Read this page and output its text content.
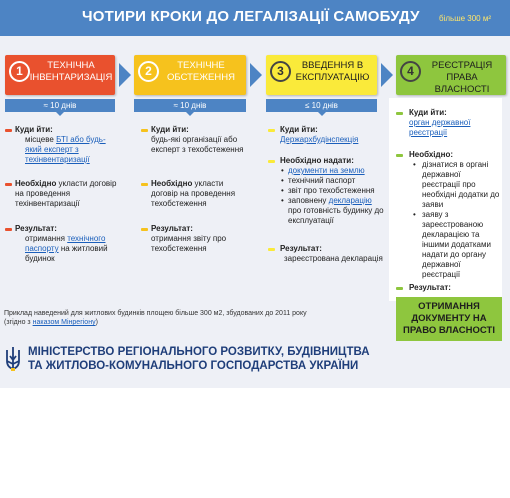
ЧОТИРИ КРОКИ ДО ЛЕГАЛІЗАЦІЇ САМОБУДУ більше 300 м²
1	ТЕХНІЧНА
ІНВЕНТАРИЗАЦІЯ	2	ТЕХНІЧНЕ
ОБСТЕЖЕННЯ	3	ВВЕДЕННЯ В
ЕКСПЛУАТАЦІЮ	4	РЕЄСТРАЦІЯ
ПРАВА ВЛАСНОСТІ
≈ 10 днів	≈ 10 днів	≤ 10 днів
Куди йти:
місцеве БТІ або будь-який експерт з техінвентаризації
Необхідно укласти договір на проведення техінвентаризації
Результат:
отримання технічного паспорту на житловий будинок
Куди йти:
будь-які організації або експерт з техобстеження
Необхідно укласти договір на проведення техобстеження
Результат:
отримання звіту про техобстеження
Куди йти:
Держархбудінспекція
Необхідно надати:
• документи на землю
• технічний паспорт
• звіт про техобстеження
• заповнену декларацію про готовність будинку до експлуатації
Результат:
зареєстрована декларація
Куди йти:
орган державної реєстрації
Необхідно:
• дізнатися в органі державної реєстрації про необхідні додатки до заяви
• заяву з зареєстрованою декларацією та іншими додатками надати до органу державної реєстрації
Результат:
ОТРИМАННЯ
ДОКУМЕНТУ НА
ПРАВО ВЛАСНОСТІ
Приклад наведений для житлових будинків площею більше 300 м2, збудованих до 2011 року
(згідно з наказом Мінрегіону)
МІНІСТЕРСТВО РЕГІОНАЛЬНОГО РОЗВИТКУ, БУДІВНИЦТВА
ТА ЖИТЛОВО-КОМУНАЛЬНОГО ГОСПОДАРСТВА УКРАЇНИ
